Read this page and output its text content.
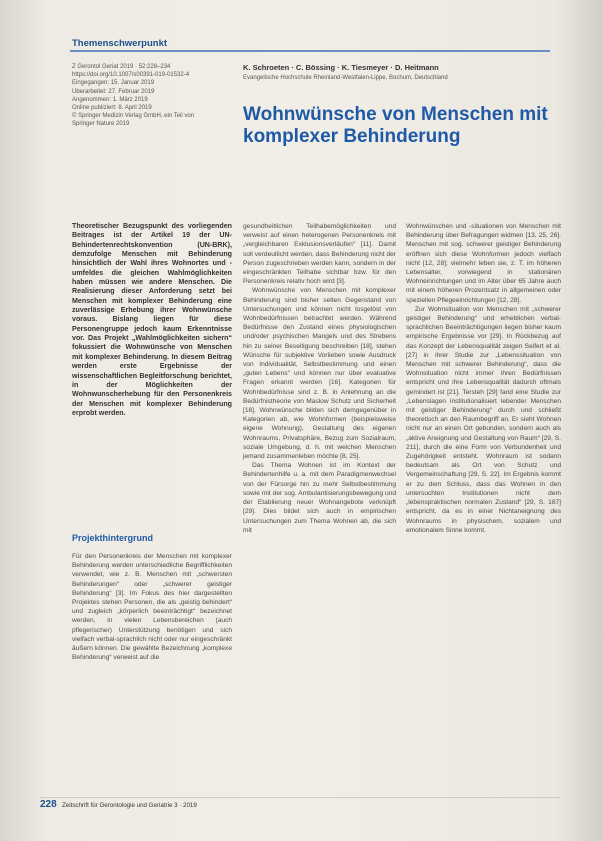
Themenschwerpunkt
Z Gerontol Geriat 2019 · 52:228–234
https://doi.org/10.1007/s00391-019-01532-4
Eingegangen: 15. Januar 2019
Überarbeitet: 27. Februar 2019
Angenommen: 1. März 2019
Online publiziert: 8. April 2019
© Springer Medizin Verlag GmbH, ein Teil von
Springer Nature 2019
K. Schroeten · C. Bössing · K. Tiesmeyer · D. Heitmann
Evangelische Hochschule Rheinland-Westfalen-Lippe, Bochum, Deutschland
Wohnwünsche von Menschen mit komplexer Behinderung
Theoretischer Bezugspunkt des vorliegenden Beitrages ist der Artikel 19 der UN-Behindertenrechtskonvention (UN-BRK), demzufolge Menschen mit Behinderung hinsichtlich der Wahl ihres Wohnortes und -umfeldes die gleichen Wahlmöglichkeiten haben müssen wie andere Menschen. Die Realisierung dieser Anforderung setzt bei Menschen mit komplexer Behinderung eine zuverlässige Erhebung ihrer Wohnwünsche voraus. Bislang liegen für diese Personengruppe jedoch kaum Erkenntnisse vor. Das Projekt „Wahlmöglichkeiten sichern“ fokussiert die Wohnwünsche von Menschen mit komplexer Behinderung. In diesem Beitrag werden erste Ergebnisse der wissenschaftlichen Begleitforschung berichtet, in der Möglichkeiten der Wohnwunscherhebung für den Personenkreis der Menschen mit komplexer Behinderung erprobt werden.
Projekthintergrund

Für den Personenkreis der Menschen mit komplexer Behinderung werden unterschiedliche Begrifflichkeiten verwendet, wie z. B. Menschen mit „schwersten Behinderungen“ oder „schwerer geistiger Behinderung“ [3]. Im Fokus des hier dargestellten Projektes stehen Personen, die als „geistig behindert“ und zugleich „körperlich beeinträchtigt“ bezeichnet werden, in vielen Lebensbereichen (auch pflegerischer) Unterstützung benötigen und sich vielfach verbal-sprachlich nicht oder nur eingeschränkt äußern können. Die gewählte Bezeichnung „komplexe Behinderung“ verweist auf die

gesundheitlichen Teilhabemöglichkeiten und verweist auf einen heterogenen Personenkreis mit „vergleichbaren Exklusionsverläufen“ [11]. Damit soll verdeutlicht werden, dass Behinderung nicht der Person zugeschrieben werden kann, sondern in der eingeschränkten Teilhabe sichtbar bzw. für den Personenkreis relativ hoch wird [3].

Wohnwünsche von Menschen mit komplexer Behinderung sind bisher selten Gegenstand von Untersuchungen und können nicht losgelöst von Wohnbedürfnissen betrachtet werden. Während Bedürfnisse den Zustand eines physiologischen und/oder psychischen Mangels und des Strebens hin zu seiner Beseitigung beschreiben [18], stehen Wünsche für subjektive Vorlieben sowie Ausdruck von Individualität, Selbstbestimmung und einen „guten Lebens“ und können nur über evaluative Fragen erkannt werden [16]. Kategorien für Wohnbedürfnisse sind z. B. in Anlehnung an die Bedürfnistheorie von Maslow Schutz und Sicherheit [18]. Wohnwünsche bilden sich demgegenüber in Kategorien ab, wie Wohnformen (beispielsweise eigene Wohnung), Gestaltung des eigenen Wohnraums, Privatsphäre, Bezug zum Sozialraum, soziale Umgebung, d. h. mit welchen Menschen jemand zusammenleben möchte [8, 25].

Das Thema Wohnen ist im Kontext der Behindertenhilfe u. a. mit dem Paradigmenwechsel von der Fürsorge hin zu mehr Selbstbestimmung sowie mit der sog. Ambulantisierungsbewegung und der Etablierung neuer Wohnangebote verknüpft [29]. Dies bildet sich auch in empirischen Untersuchungen zum Thema Wohnen ab, die sich mit

Wohnwünschen und -situationen von Menschen mit Behinderung über Befragungen widmen [13, 25, 26]. Menschen mit sog. schwerer geistiger Behinderung eröffnen sich diese Wohnformen jedoch vielfach nicht [12, 28]; vielmehr leben sie, z. T. im höheren Lebensalter, vorwiegend in stationären Wohneinrichtungen und im Alter über 65 Jahre auch mit einem höheren Prozentsatz in allgemeinen oder speziellen Pflegeeinrichtungen [12, 28].

Zur Wohnsituation von Menschen mit „schwerer geistiger Behinderung“ und erheblichen verbal-sprachlichen Beeinträchtigungen liegen bisher kaum empirische Ergebnisse vor [29]. In Rückbezug auf das Konzept der Lebensqualität zeigen Seifert et al. [27] in ihrer Studie zur „Lebenssituation von Menschen mit schwerer Behinderung“, dass die Wohnsituation nicht immer ihren Bedürfnissen entspricht und ihre Lebensqualität dadurch oftmals gemindert ist [21]. Tersteh [29] fand eine Studie zur „Lebenslagen institutionalisiert lebender Menschen mit geistiger Behinderung“ durch und schließt theoretisch an den Raumbegriff an. Er sieht Wohnen nicht nur an einen Ort gebunden, sondern auch als „aktive Aneignung und Gestaltung von Raum“ [29, S. 211], durch die eine Form von Verbundenheit und Zugehörigkeit entsteht. Wohnraum ist sodann bedeutsam als Ort von Schutz und Vergemeinschaftung [29, S. 22]. Im Ergebnis kommt er zu dem Schluss, dass das Wohnen in den untersuchten Institutionen nicht dem „lebenspraktischen normalen Zustand“ [29, S. 187] entspricht, da es in einer Nichtaneignung des Wohnraums in physischem, sozialem und emotionalem Sinne kommt.

228 Zeitschrift für Gerontologie und Geriatrie 3 · 2019
